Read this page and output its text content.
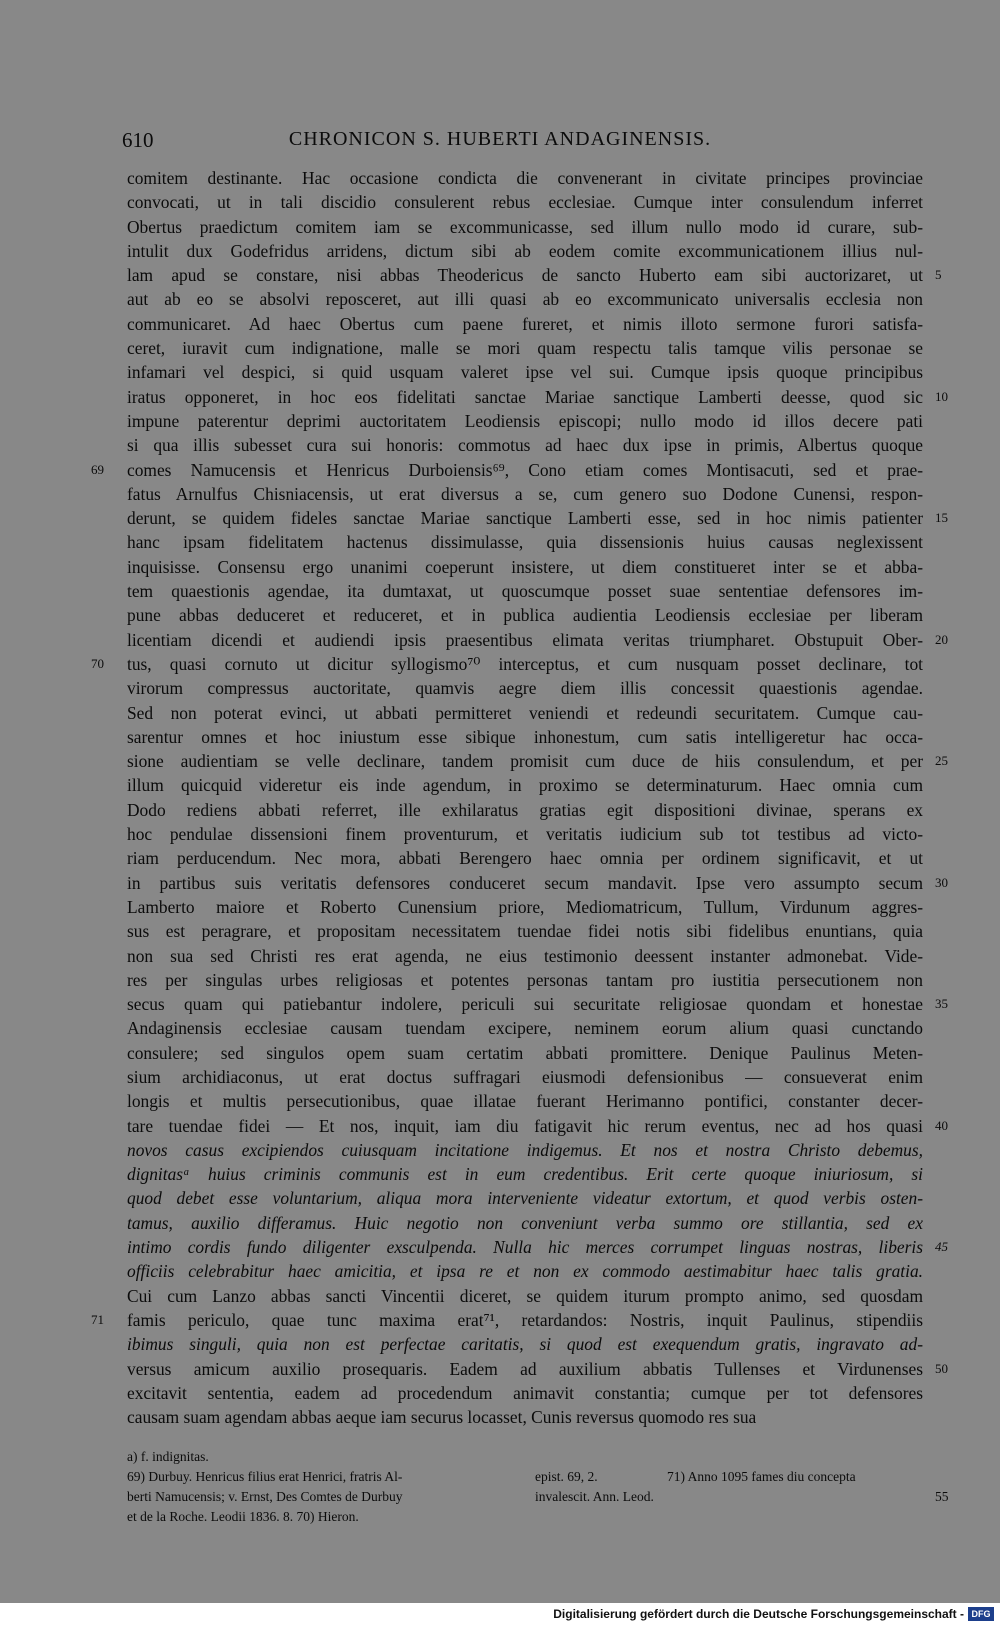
610	CHRONICON S. HUBERTI ANDAGINENSIS.
comitem destinante. Hac occasione condicta die convenerant in civitate principes provinciae
convocati, ut in tali discidio consulerent rebus ecclesiae. Cumque inter consulendum inferret
Obertus praedictum comitem iam se excommunicasse, sed illum nullo modo id curare, sub-
intulit dux Godefridus arridens, dictum sibi ab eodem comite excommunicationem illius nul-
lam apud se constare, nisi abbas Theodericus de sancto Huberto eam sibi auctorizaret, ut 5
aut ab eo se absolvi reposceret, aut illi quasi ab eo excommunicato universalis ecclesia non
communicaret. Ad haec Obertus cum paene fureret, et nimis illoto sermone furori satisfa-
ceret, iuravit cum indignatione, malle se mori quam respectu talis tamque vilis personae se
infamari vel despici, si quid usquam valeret ipse vel sui. Cumque ipsis quoque principibus
iratus opponeret, in hoc eos fidelitati sanctae Mariae sanctique Lamberti deesse, quod sic 10
impune paterentur deprimi auctoritatem Leodiensis episcopi; nullo modo id illos decere pati
si qua illis subesset cura sui honoris: commotus ad haec dux ipse in primis, Albertus quoque
comes Namucensis et Henricus Durboiensis⁶⁹, Cono etiam comes Montisacuti, sed et prae-
69
fatus Arnulfus Chisniacensis, ut erat diversus a se, cum genero suo Dodone Cunensi, respon-
derunt, se quidem fideles sanctae Mariae sanctique Lamberti esse, sed in hoc nimis patienter 15
hanc ipsam fidelitatem hactenus dissimulasse, quia dissensionis huius causas neglexissent
inquisisse. Consensu ergo unanimi coeperunt insistere, ut diem constitueret inter se et abba-
tem quaestionis agendae, ita dumtaxat, ut quoscumque posset suae sententiae defensores im-
pune abbas deduceret et reduceret, et in publica audientia Leodiensis ecclesiae per liberam
licentiam dicendi et audiendi ipsis praesentibus elimata veritas triumpharet. Obstupuit Ober- 20
tus, quasi cornuto ut dicitur syllogismo⁷⁰ interceptus, et cum nusquam posset declinare, tot
70
virorum compressus auctoritate, quamvis aegre diem illis concessit quaestionis agendae.
Sed non poterat evinci, ut abbati permitteret veniendi et redeundi securitatem. Cumque cau-
sarentur omnes et hoc iniustum esse sibique inhonestum, cum satis intelligeretur hac occa-
sione audientiam se velle declinare, tandem promisit cum duce de hiis consulendum, et per 25
illum quicquid videretur eis inde agendum, in proximo se determinaturum. Haec omnia cum
Dodo rediens abbati referret, ille exhilaratus gratias egit dispositioni divinae, sperans ex
hoc pendulae dissensioni finem proventurum, et veritatis iudicium sub tot testibus ad victo-
riam perducendum. Nec mora, abbati Berengero haec omnia per ordinem significavit, et ut
in partibus suis veritatis defensores conduceret secum mandavit. Ipse vero assumpto secum 30
Lamberto maiore et Roberto Cunensium priore, Mediomatricum, Tullum, Virdunum aggres-
sus est peragrare, et propositam necessitatem tuendae fidei notis sibi fidelibus enuntians, quia
non sua sed Christi res erat agenda, ne eius testimonio deessent instanter admonebat. Vide-
res per singulas urbes religiosas et potentes personas tantam pro iustitia persecutionem non
secus quam qui patiebantur indolere, periculi sui securitate religiosae quondam et honestae 35
Andaginensis ecclesiae causam tuendam excipere, neminem eorum alium quasi cunctando
consulere; sed singulos opem suam certatim abbati promittere. Denique Paulinus Meten-
sium archidiaconus, ut erat doctus suffragari eiusmodi defensionibus — consueverat enim
longis et multis persecutionibus, quae illatae fuerant Herimanno pontifici, constanter decer-
tare tuendae fidei — Et nos, inquit, iam diu fatigavit hic rerum eventus, nec ad hos quasi 40
novos casus excipiendos cuiusquam incitatione indigemus. Et nos et nostra Christo debemus,
dignitasᵃ huius criminis communis est in eum credentibus. Erit certe quoque iniuriosum, si
quod debet esse voluntarium, aliqua mora interveniente videatur extortum, et quod verbis osten-
tamus, auxilio differamus. Huic negotio non conveniunt verba summo ore stillantia, sed ex
intimo cordis fundo diligenter exsculpenda. Nulla hic merces corrumpet linguas nostras, liberis 45
officiis celebrabitur haec amicitia, et ipsa re et non ex commodo aestimabitur haec talis gratia.
Cui cum Lanzo abbas sancti Vincentii diceret, se quidem iturum prompto animo, sed quosdam
famis periculo, quae tunc maxima erat⁷¹, retardandos: Nostris, inquit Paulinus, stipendiis
71
ibimus singuli, quia non est perfectae caritatis, si quod est exequendum gratis, ingravato ad-
versus amicum auxilio prosequaris. Eadem ad auxilium abbatis Tullenses et Virdunenses 50
excitavit sententia, eadem ad procedendum animavit constantia; cumque per tot defensores
causam suam agendam abbas aeque iam securus locasset, Cunis reversus quomodo res sua
a) f. indignitas.
69) Durbuy. Henricus filius erat Henrici, fratris Al-
berti Namucensis; v. Ernst, Des Comtes de Durbuy
et de la Roche. Leodii 1836. 8. 70) Hieron.
epist. 69, 2.
invalescit. Ann. Leod.
71) Anno 1095 fames diu concepta
55
Digitalisierung gefördert durch die Deutsche Forschungsgemeinschaft - DFG
